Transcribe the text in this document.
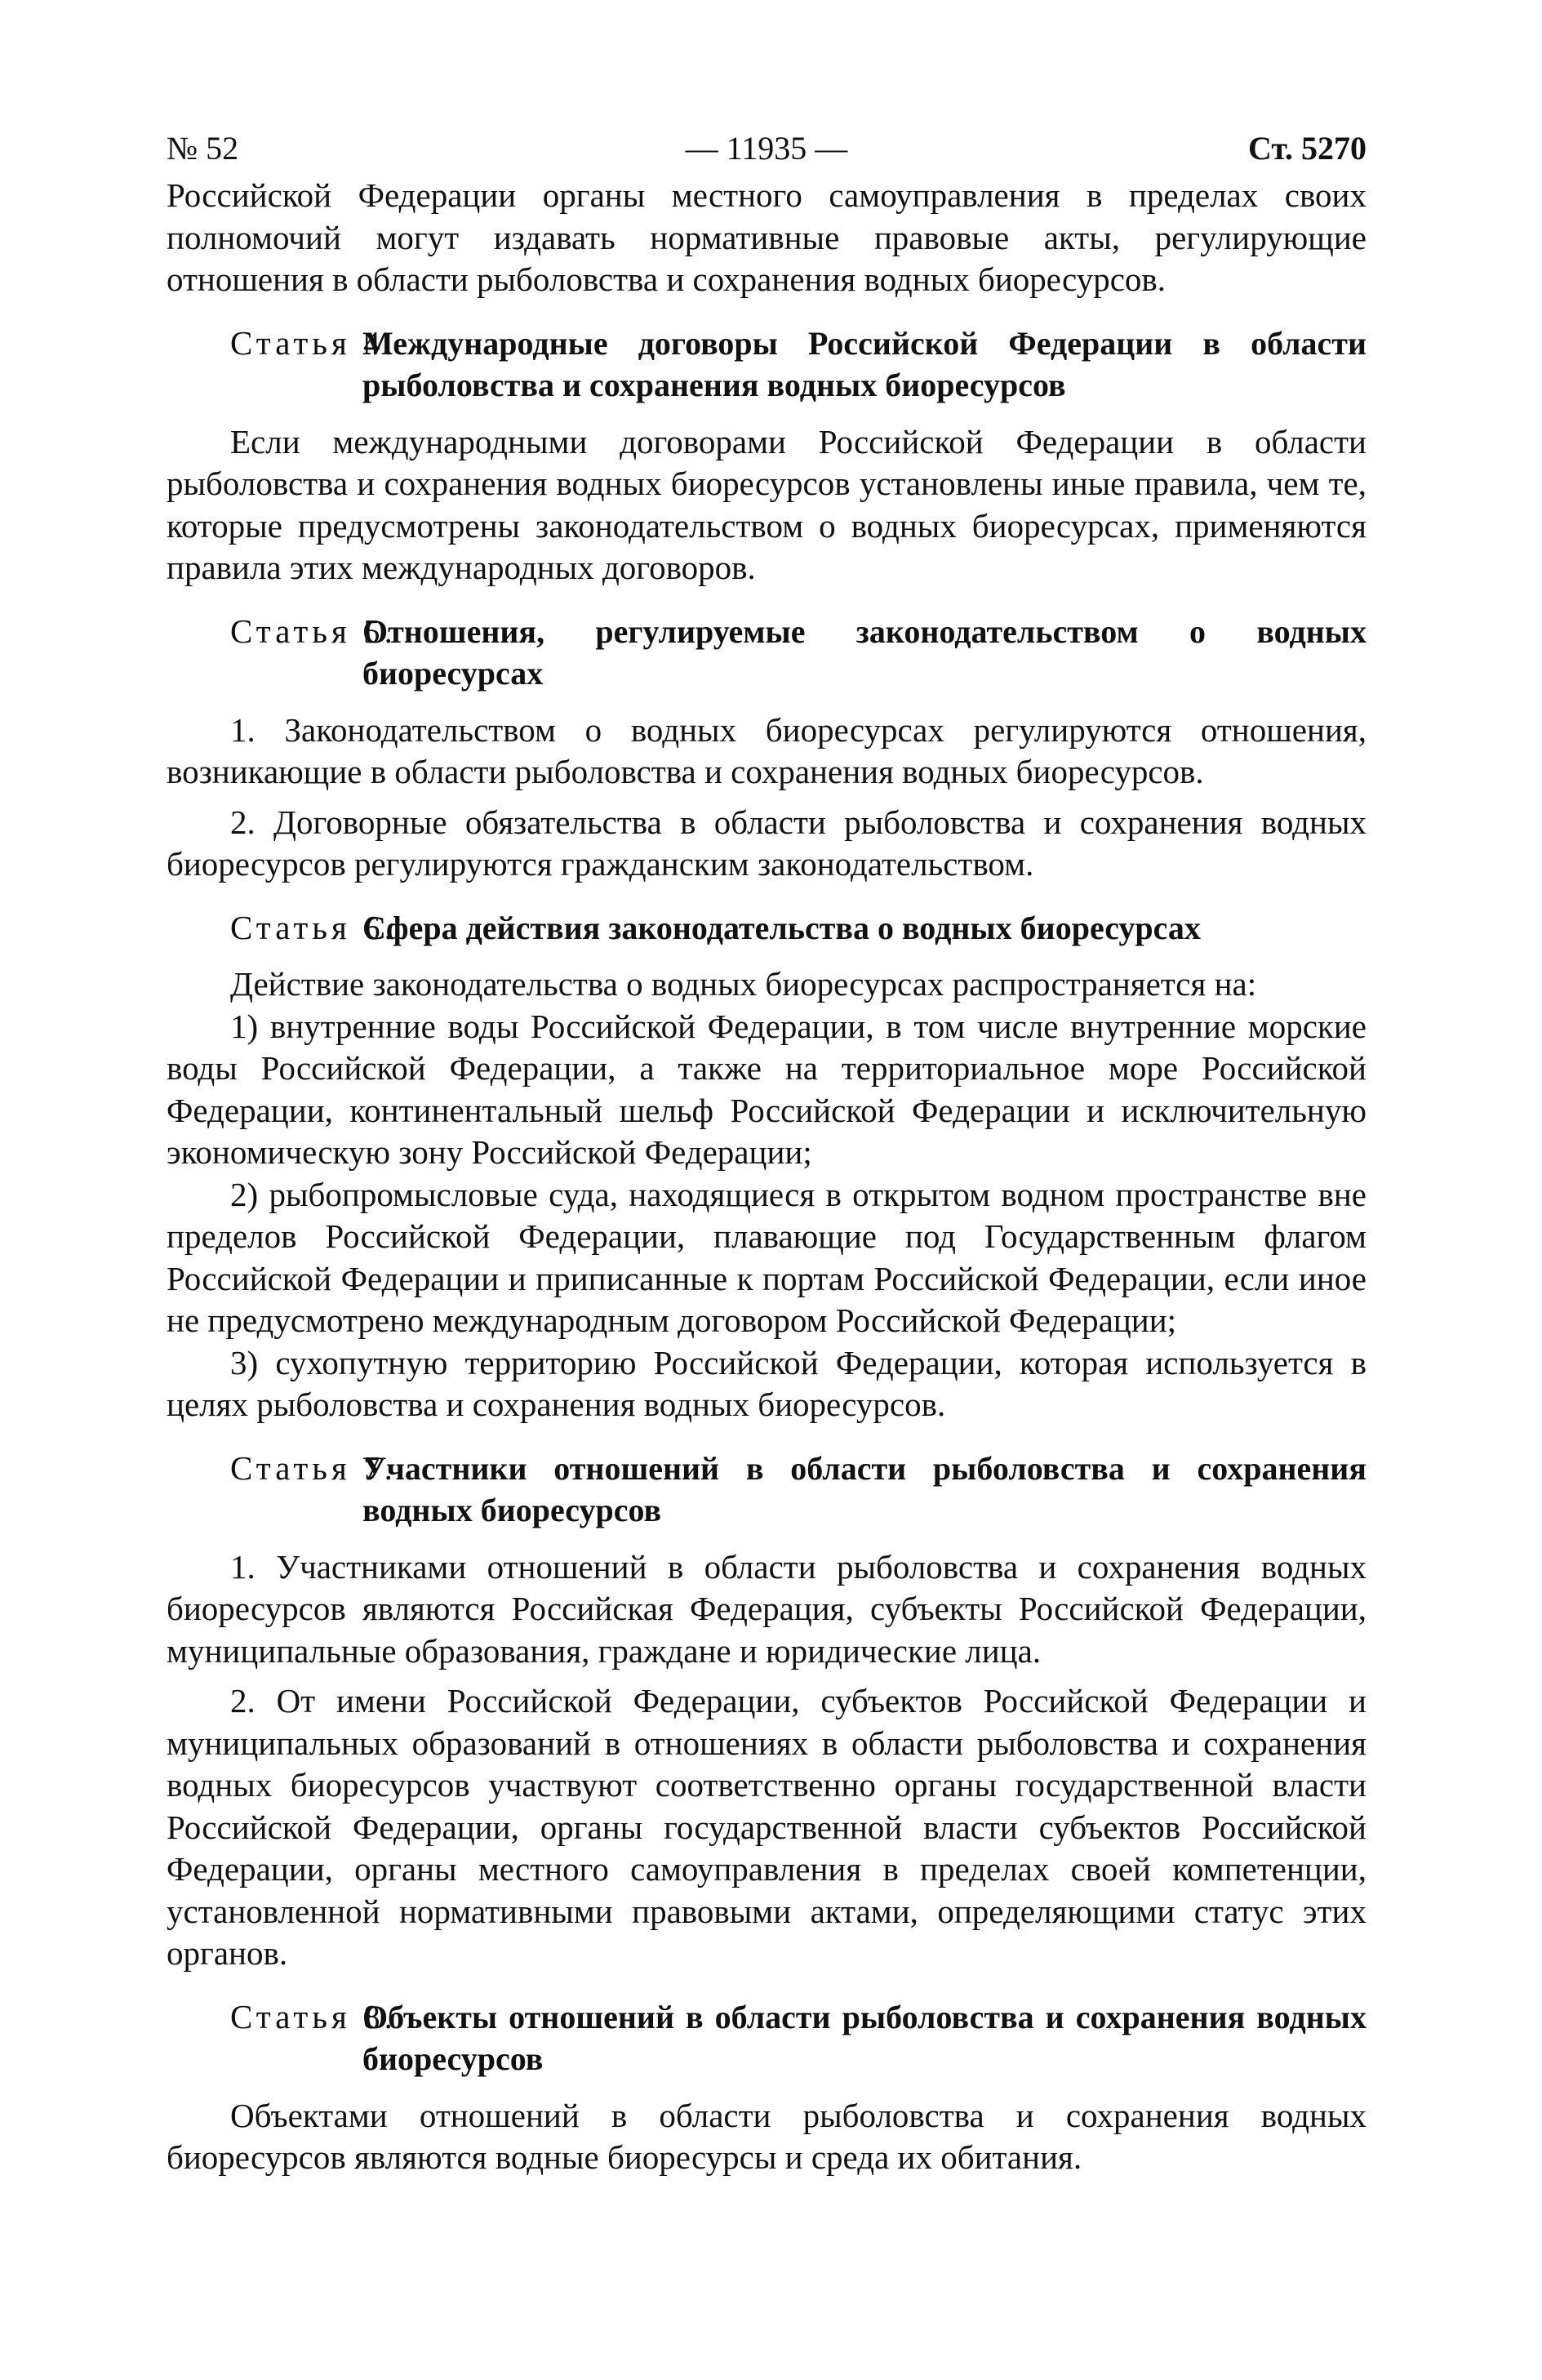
№ 52	— 11935 —	Ст. 5270

Российской Федерации органы местного самоуправления в пределах своих полномочий могут издавать нормативные правовые акты, регулирующие отношения в области рыболовства и сохранения водных биоресурсов.

Статья 4.
Международные договоры Российской Федерации в области рыболовства и сохранения водных биоресурсов

Если международными договорами Российской Федерации в области рыболовства и сохранения водных биоресурсов установлены иные правила, чем те, которые предусмотрены законодательством о водных биоресурсах, применяются правила этих международных договоров.

Статья 5.
Отношения, регулируемые законодательством о водных биоресурсах

1. Законодательством о водных биоресурсах регулируются отношения, возникающие в области рыболовства и сохранения водных биоресурсов.

2. Договорные обязательства в области рыболовства и сохранения водных биоресурсов регулируются гражданским законодательством.

Статья 6.
Сфера действия законодательства о водных биоресурсах

Действие законодательства о водных биоресурсах распространяется на:

1) внутренние воды Российской Федерации, в том числе внутренние морские воды Российской Федерации, а также на территориальное море Российской Федерации, континентальный шельф Российской Федерации и исключительную экономическую зону Российской Федерации;

2) рыбопромысловые суда, находящиеся в открытом водном пространстве вне пределов Российской Федерации, плавающие под Государственным флагом Российской Федерации и приписанные к портам Российской Федерации, если иное не предусмотрено международным договором Российской Федерации;

3) сухопутную территорию Российской Федерации, которая используется в целях рыболовства и сохранения водных биоресурсов.

Статья 7.
Участники отношений в области рыболовства и сохранения водных биоресурсов

1. Участниками отношений в области рыболовства и сохранения водных биоресурсов являются Российская Федерация, субъекты Российской Федерации, муниципальные образования, граждане и юридические лица.

2. От имени Российской Федерации, субъектов Российской Федерации и муниципальных образований в отношениях в области рыболовства и сохранения водных биоресурсов участвуют соответственно органы государственной власти Российской Федерации, органы государственной власти субъектов Российской Федерации, органы местного самоуправления в пределах своей компетенции, установленной нормативными правовыми актами, определяющими статус этих органов.

Статья 8.
Объекты отношений в области рыболовства и сохранения водных биоресурсов

Объектами отношений в области рыболовства и сохранения водных биоресурсов являются водные биоресурсы и среда их обитания.
